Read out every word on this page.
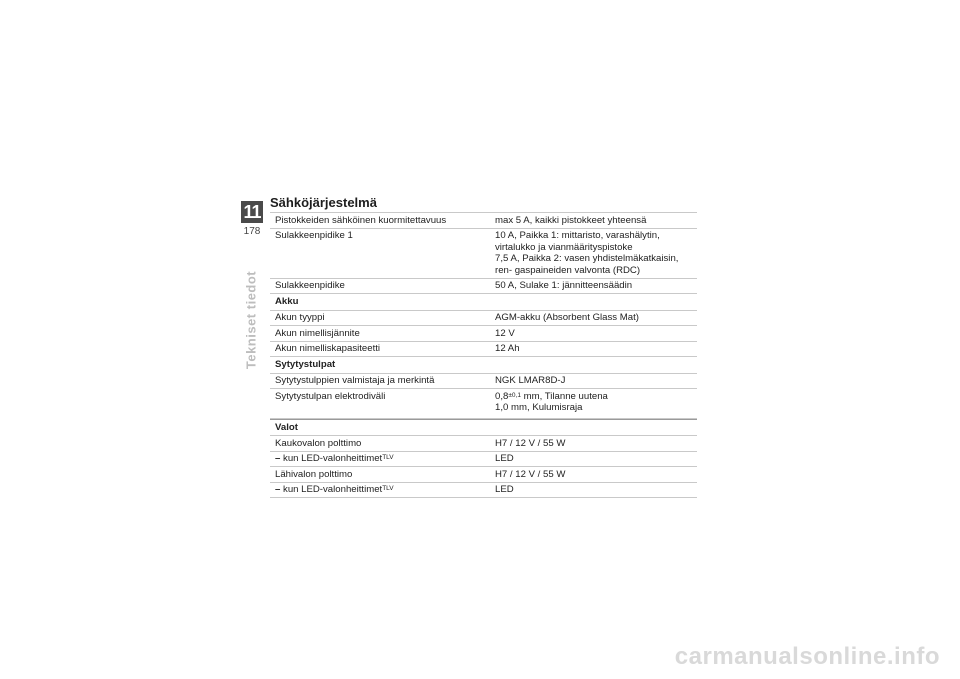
11
178
Tekniset tiedot
Sähköjärjestelmä
Pistokkeiden sähköinen kuormitettavuus	max 5 A, kaikki pistokkeet yhteensä
Sulakkeenpidike 1	10 A, Paikka 1: mittaristo, varashälytin, virtalukko ja vianmäärityspistoke
7,5 A, Paikka 2: vasen yhdistelmäkatkaisin, ren- gaspaineiden valvonta (RDC)
Sulakkeenpidike	50 A, Sulake 1: jännitteensäädin
Akku
Akun tyyppi	AGM-akku (Absorbent Glass Mat)
Akun nimellisjännite	12 V
Akun nimelliskapasiteetti	12 Ah
Sytytystulpat
Sytytystulppien valmistaja ja merkintä	NGK LMAR8D-J
Sytytystulpan elektrodiväli	$0,8^{\pm 0,1}$ mm, Tilanne uutena
1,0 mm, Kulumisraja
Valot
Kaukovalon polttimo	H7 / 12 V / 55 W
– kun LED-valonheittimet$^{TLV}$	LED
Lähivalon polttimo	H7 / 12 V / 55 W
– kun LED-valonheittimet$^{TLV}$	LED
carmanualsonline.info
